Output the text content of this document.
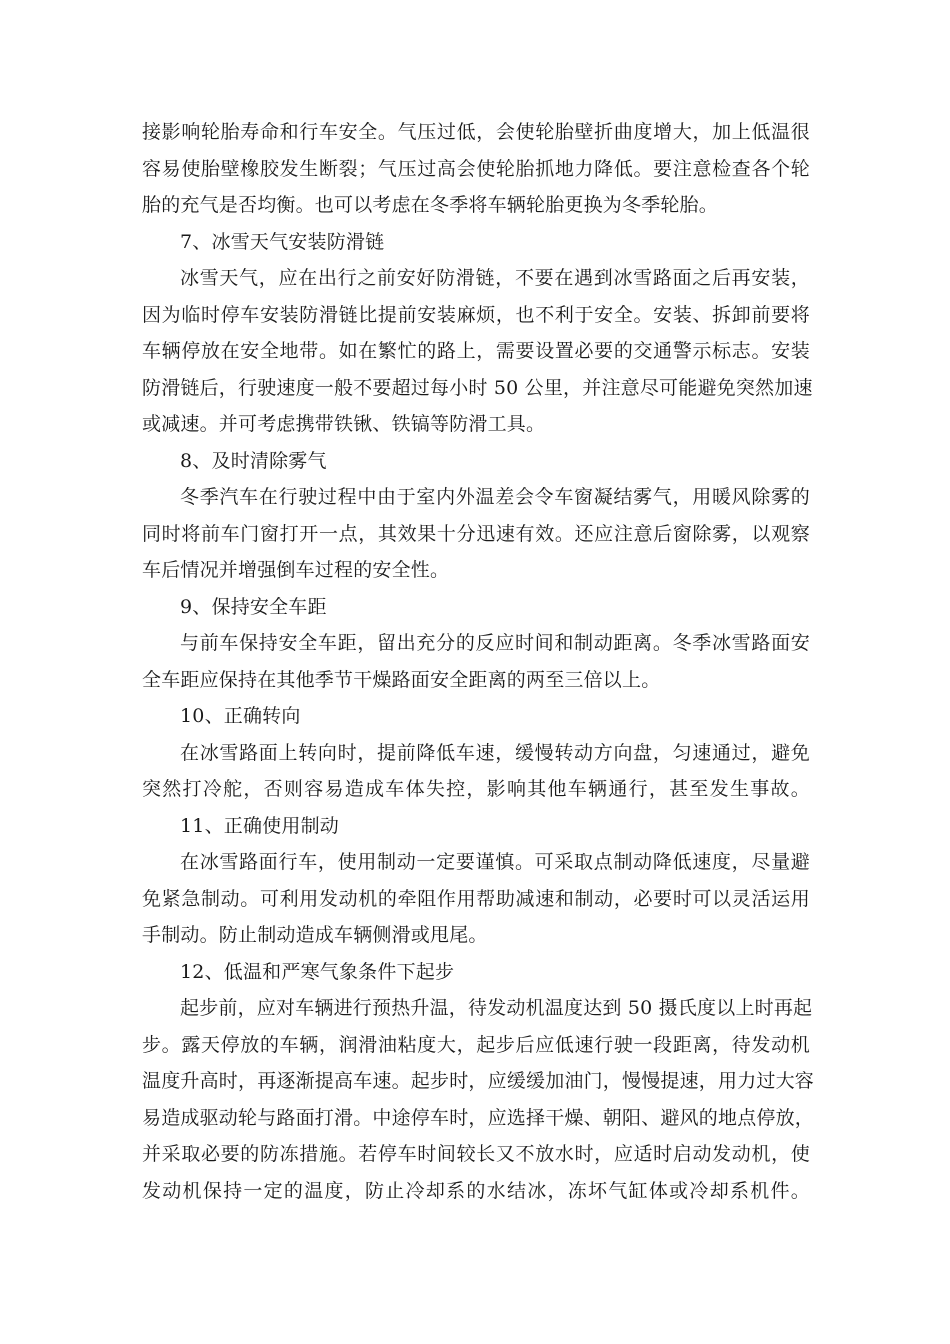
接影响轮胎寿命和行车安全。气压过低，会使轮胎壁折曲度增大，加上低温很
容易使胎壁橡胶发生断裂；气压过高会使轮胎抓地力降低。要注意检查各个轮
胎的充气是否均衡。也可以考虑在冬季将车辆轮胎更换为冬季轮胎。
7、冰雪天气安装防滑链
冰雪天气，应在出行之前安好防滑链，不要在遇到冰雪路面之后再安装，
因为临时停车安装防滑链比提前安装麻烦，也不利于安全。安装、拆卸前要将
车辆停放在安全地带。如在繁忙的路上，需要设置必要的交通警示标志。安装
防滑链后，行驶速度一般不要超过每小时 50 公里，并注意尽可能避免突然加速
或减速。并可考虑携带铁锹、铁镐等防滑工具。
8、及时清除雾气
冬季汽车在行驶过程中由于室内外温差会令车窗凝结雾气，用暖风除雾的
同时将前车门窗打开一点，其效果十分迅速有效。还应注意后窗除雾，以观察
车后情况并增强倒车过程的安全性。
9、保持安全车距
与前车保持安全车距，留出充分的反应时间和制动距离。冬季冰雪路面安
全车距应保持在其他季节干燥路面安全距离的两至三倍以上。
10、正确转向
在冰雪路面上转向时，提前降低车速，缓慢转动方向盘，匀速通过，避免
突然打冷舵，否则容易造成车体失控，影响其他车辆通行，甚至发生事故。
11、正确使用制动
在冰雪路面行车，使用制动一定要谨慎。可采取点制动降低速度，尽量避
免紧急制动。可利用发动机的牵阻作用帮助减速和制动，必要时可以灵活运用
手制动。防止制动造成车辆侧滑或甩尾。
12、低温和严寒气象条件下起步
起步前，应对车辆进行预热升温，待发动机温度达到 50 摄氏度以上时再起
步。露天停放的车辆，润滑油粘度大，起步后应低速行驶一段距离，待发动机
温度升高时，再逐渐提高车速。起步时，应缓缓加油门，慢慢提速，用力过大容
易造成驱动轮与路面打滑。中途停车时，应选择干燥、朝阳、避风的地点停放，
并采取必要的防冻措施。若停车时间较长又不放水时，应适时启动发动机，使
发动机保持一定的温度，防止冷却系的水结冰，冻坏气缸体或冷却系机件。
